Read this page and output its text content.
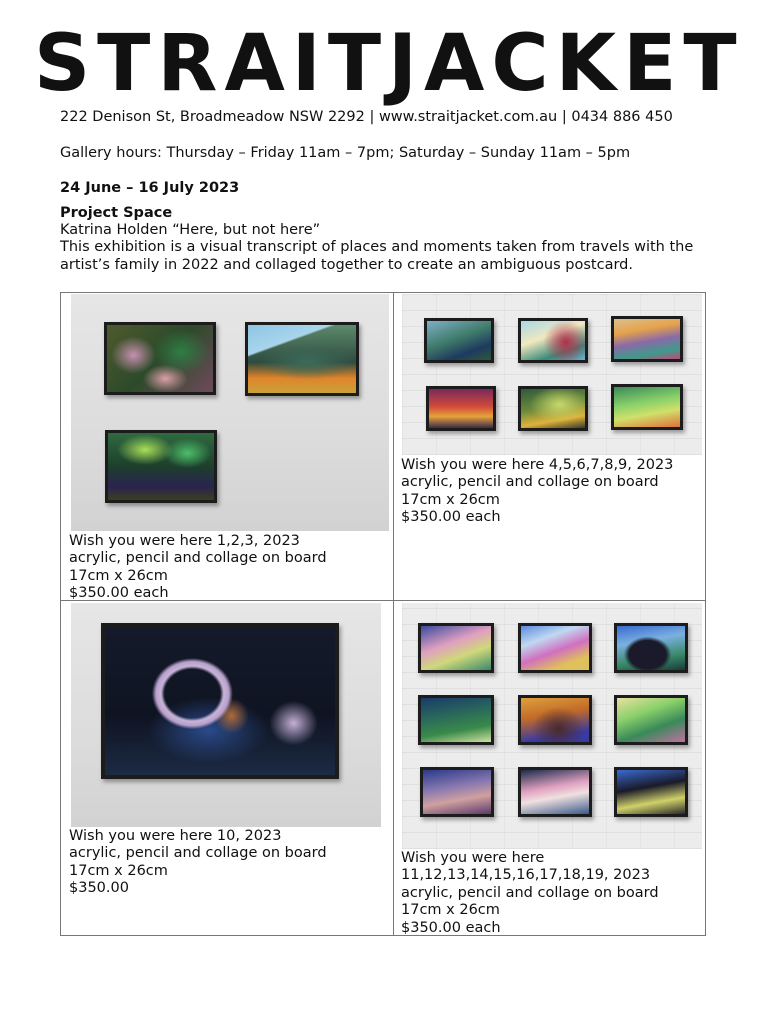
STRAITJACKET
222 Denison St, Broadmeadow NSW 2292 | www.straitjacket.com.au | 0434 886 450
Gallery hours: Thursday – Friday 11am – 7pm; Saturday – Sunday 11am – 5pm
24 June – 16 July 2023
Project Space
Katrina Holden “Here, but not here”
This exhibition is a visual transcript of places and moments taken from travels with the artist’s family in 2022 and collaged together to create an ambiguous postcard.
Wish you were here 1,2,3, 2023
acrylic, pencil and collage on board
17cm x 26cm
$350.00 each
Wish you were here 4,5,6,7,8,9, 2023
acrylic, pencil and collage on board
17cm x 26cm
$350.00 each
Wish you were here 10, 2023
acrylic, pencil and collage on board
17cm x 26cm
$350.00
Wish you were here
11,12,13,14,15,16,17,18,19, 2023
acrylic, pencil and collage on board
17cm x 26cm
$350.00 each
